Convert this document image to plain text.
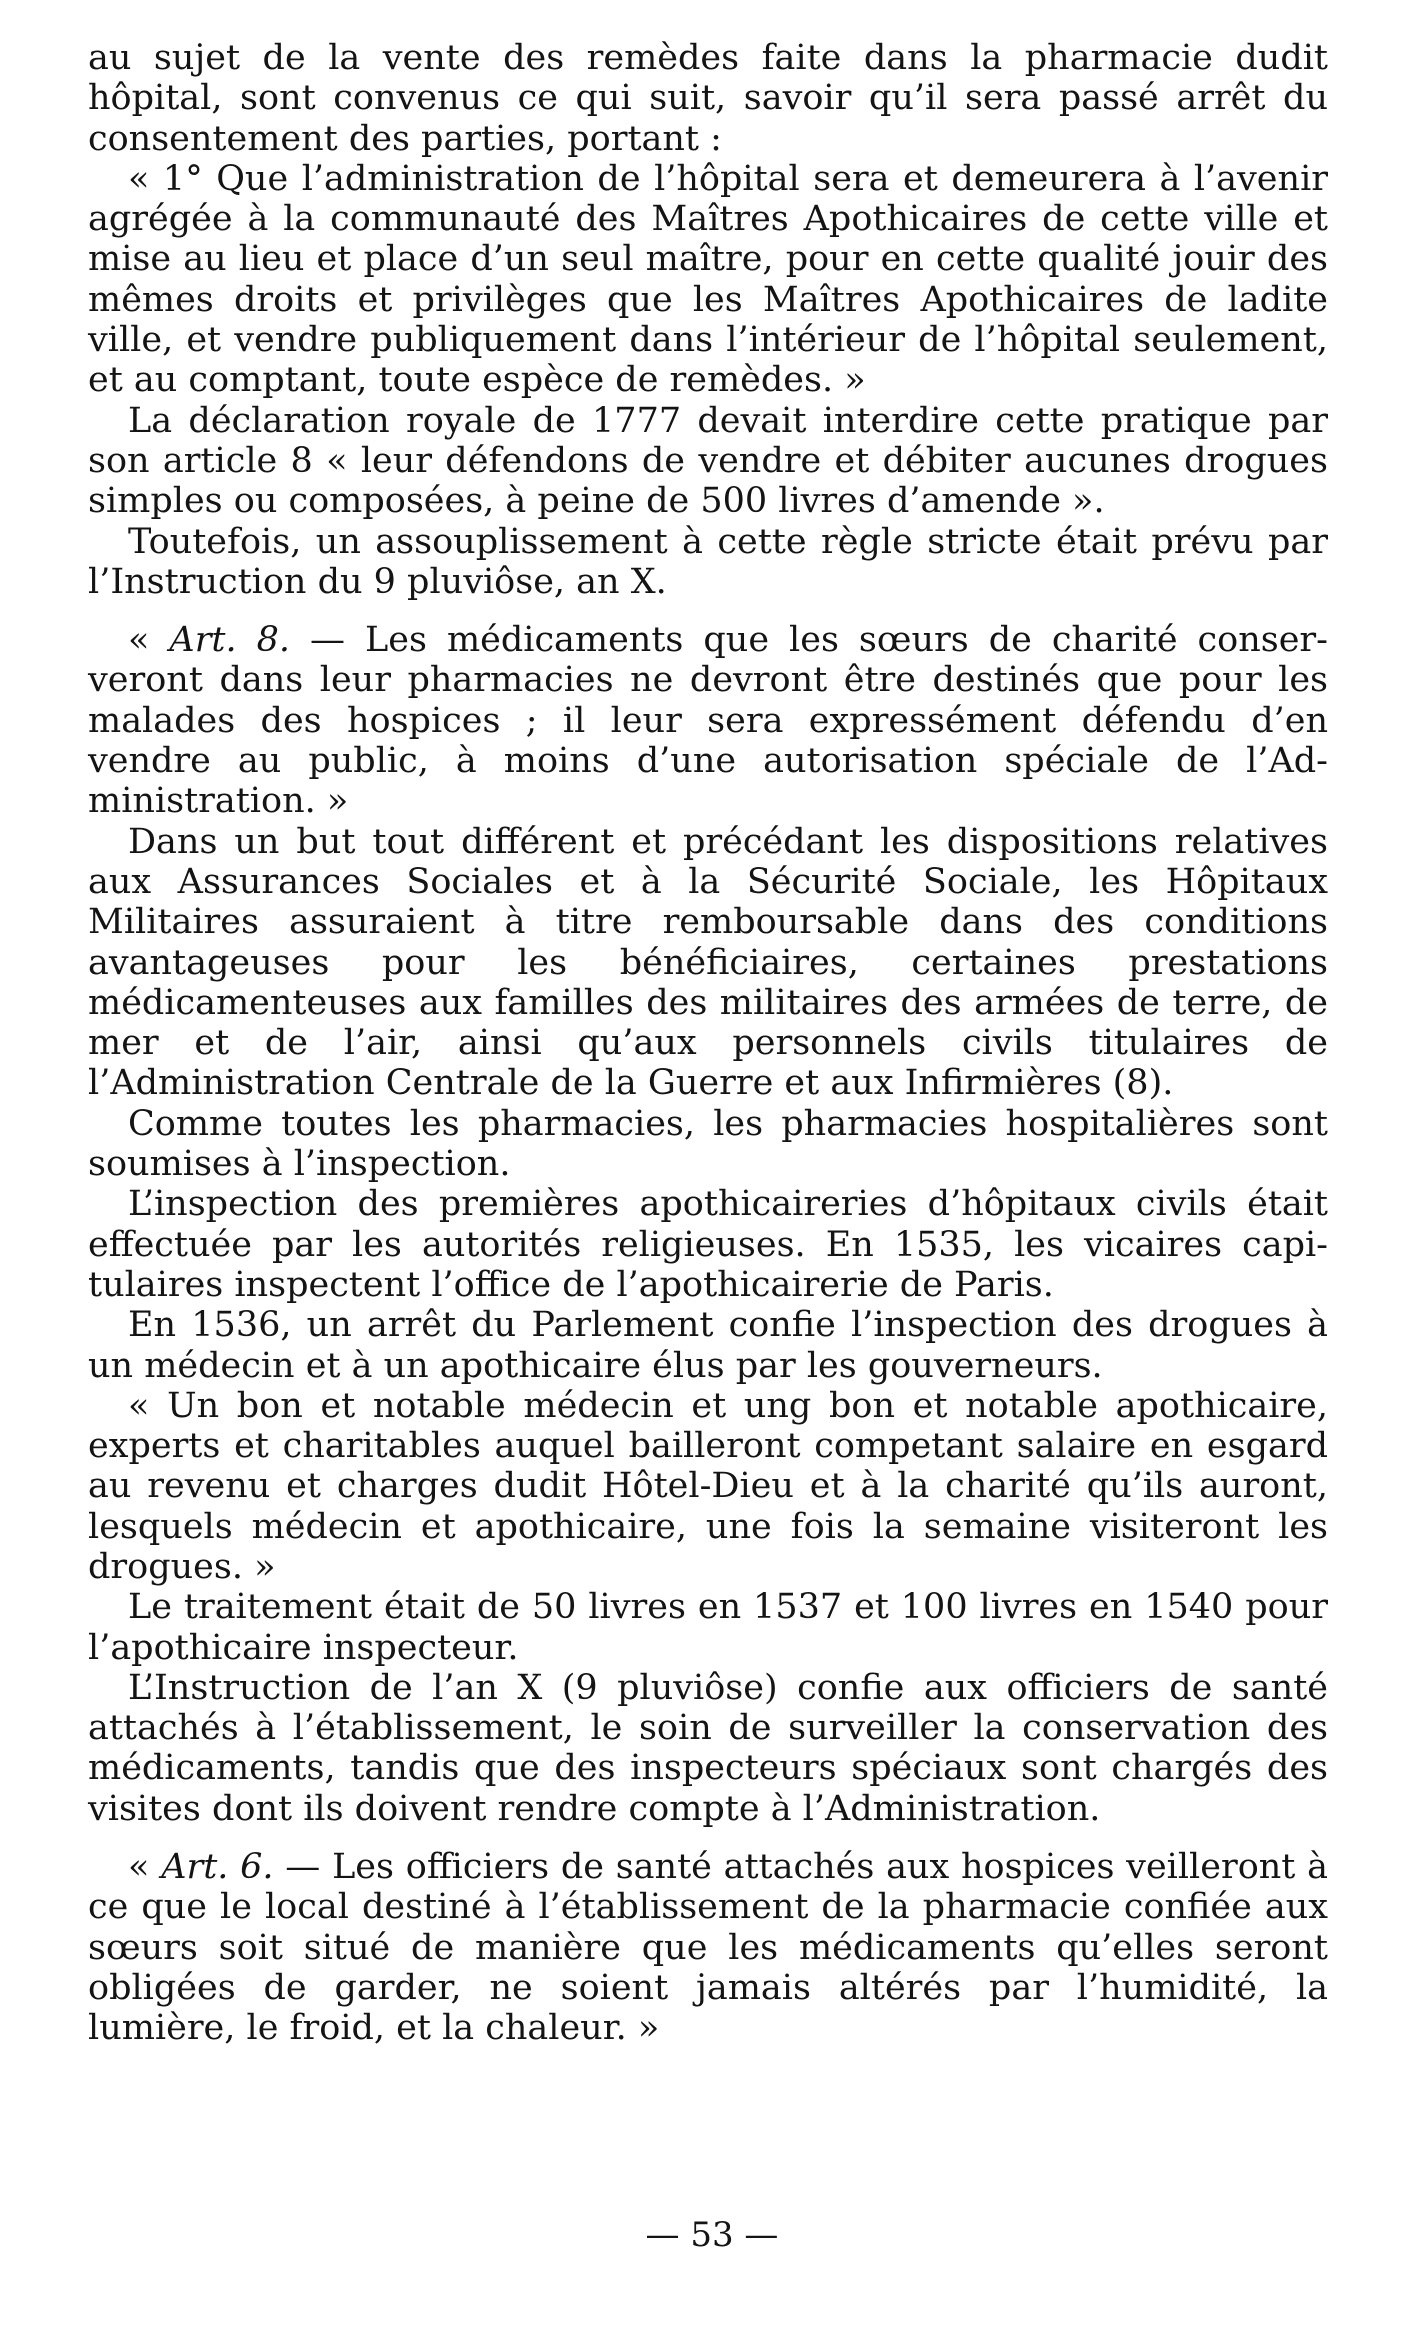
au sujet de la vente des remèdes faite dans la pharmacie dudit hôpital, sont convenus ce qui suit, savoir qu’il sera passé arrêt du consentement des parties, portant :

« 1° Que l’administration de l’hôpital sera et demeurera à l’avenir agrégée à la communauté des Maîtres Apothicaires de cette ville et mise au lieu et place d’un seul maître, pour en cette qualité jouir des mêmes droits et privilèges que les Maîtres Apothicaires de ladite ville, et vendre publiquement dans l’intérieur de l’hôpital seulement, et au comptant, toute espèce de remèdes. »

La déclaration royale de 1777 devait interdire cette pratique par son article 8 « leur défendons de vendre et débiter aucunes drogues simples ou composées, à peine de 500 livres d’amende ».

Toutefois, un assouplissement à cette règle stricte était prévu par l’Instruction du 9 pluviôse, an X.

« Art. 8. — Les médicaments que les sœurs de charité conserveront dans leur pharmacies ne devront être destinés que pour les malades des hospices ; il leur sera expressément défendu d’en vendre au public, à moins d’une autorisation spéciale de l’Administration. »

Dans un but tout différent et précédant les dispositions relatives aux Assurances Sociales et à la Sécurité Sociale, les Hôpitaux Militaires assuraient à titre remboursable dans des conditions avantageuses pour les bénéficiaires, certaines prestations médicamenteuses aux familles des militaires des armées de terre, de mer et de l’air, ainsi qu’aux personnels civils titulaires de l’Administration Centrale de la Guerre et aux Infirmières (8).

Comme toutes les pharmacies, les pharmacies hospitalières sont soumises à l’inspection.

L’inspection des premières apothicaireries d’hôpitaux civils était effectuée par les autorités religieuses. En 1535, les vicaires capitulaires inspectent l’office de l’apothicairerie de Paris.

En 1536, un arrêt du Parlement confie l’inspection des drogues à un médecin et à un apothicaire élus par les gouverneurs.

« Un bon et notable médecin et ung bon et notable apothicaire, experts et charitables auquel bailleront competant salaire en esgard au revenu et charges dudit Hôtel-Dieu et à la charité qu’ils auront, lesquels médecin et apothicaire, une fois la semaine visiteront les drogues. »

Le traitement était de 50 livres en 1537 et 100 livres en 1540 pour l’apothicaire inspecteur.

L’Instruction de l’an X (9 pluviôse) confie aux officiers de santé attachés à l’établissement, le soin de surveiller la conservation des médicaments, tandis que des inspecteurs spéciaux sont chargés des visites dont ils doivent rendre compte à l’Administration.

« Art. 6. — Les officiers de santé attachés aux hospices veilleront à ce que le local destiné à l’établissement de la pharmacie confiée aux sœurs soit situé de manière que les médicaments qu’elles seront obligées de garder, ne soient jamais altérés par l’humidité, la lumière, le froid, et la chaleur. »

— 53 —
